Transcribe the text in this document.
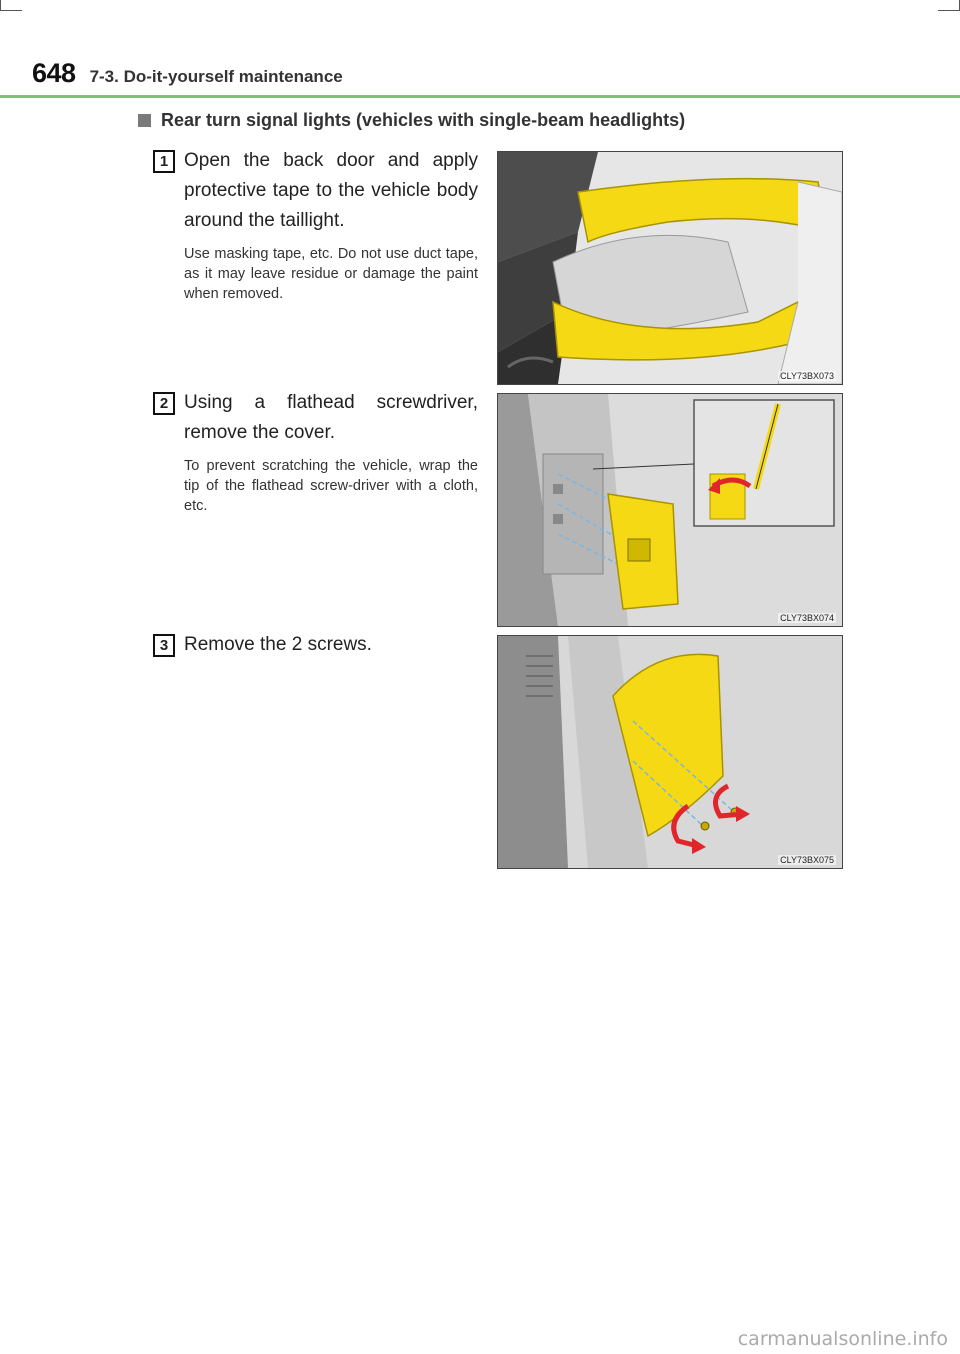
648 7-3. Do-it-yourself maintenance
Rear turn signal lights (vehicles with single-beam headlights)
1 Open the back door and apply protective tape to the vehicle body around the taillight.
Use masking tape, etc. Do not use duct tape, as it may leave residue or damage the paint when removed.
CLY73BX073
2 Using a flathead screwdriver, remove the cover.
To prevent scratching the vehicle, wrap the tip of the flathead screw-driver with a cloth, etc.
CLY73BX074
3 Remove the 2 screws.
CLY73BX075
carmanualsonline.info
